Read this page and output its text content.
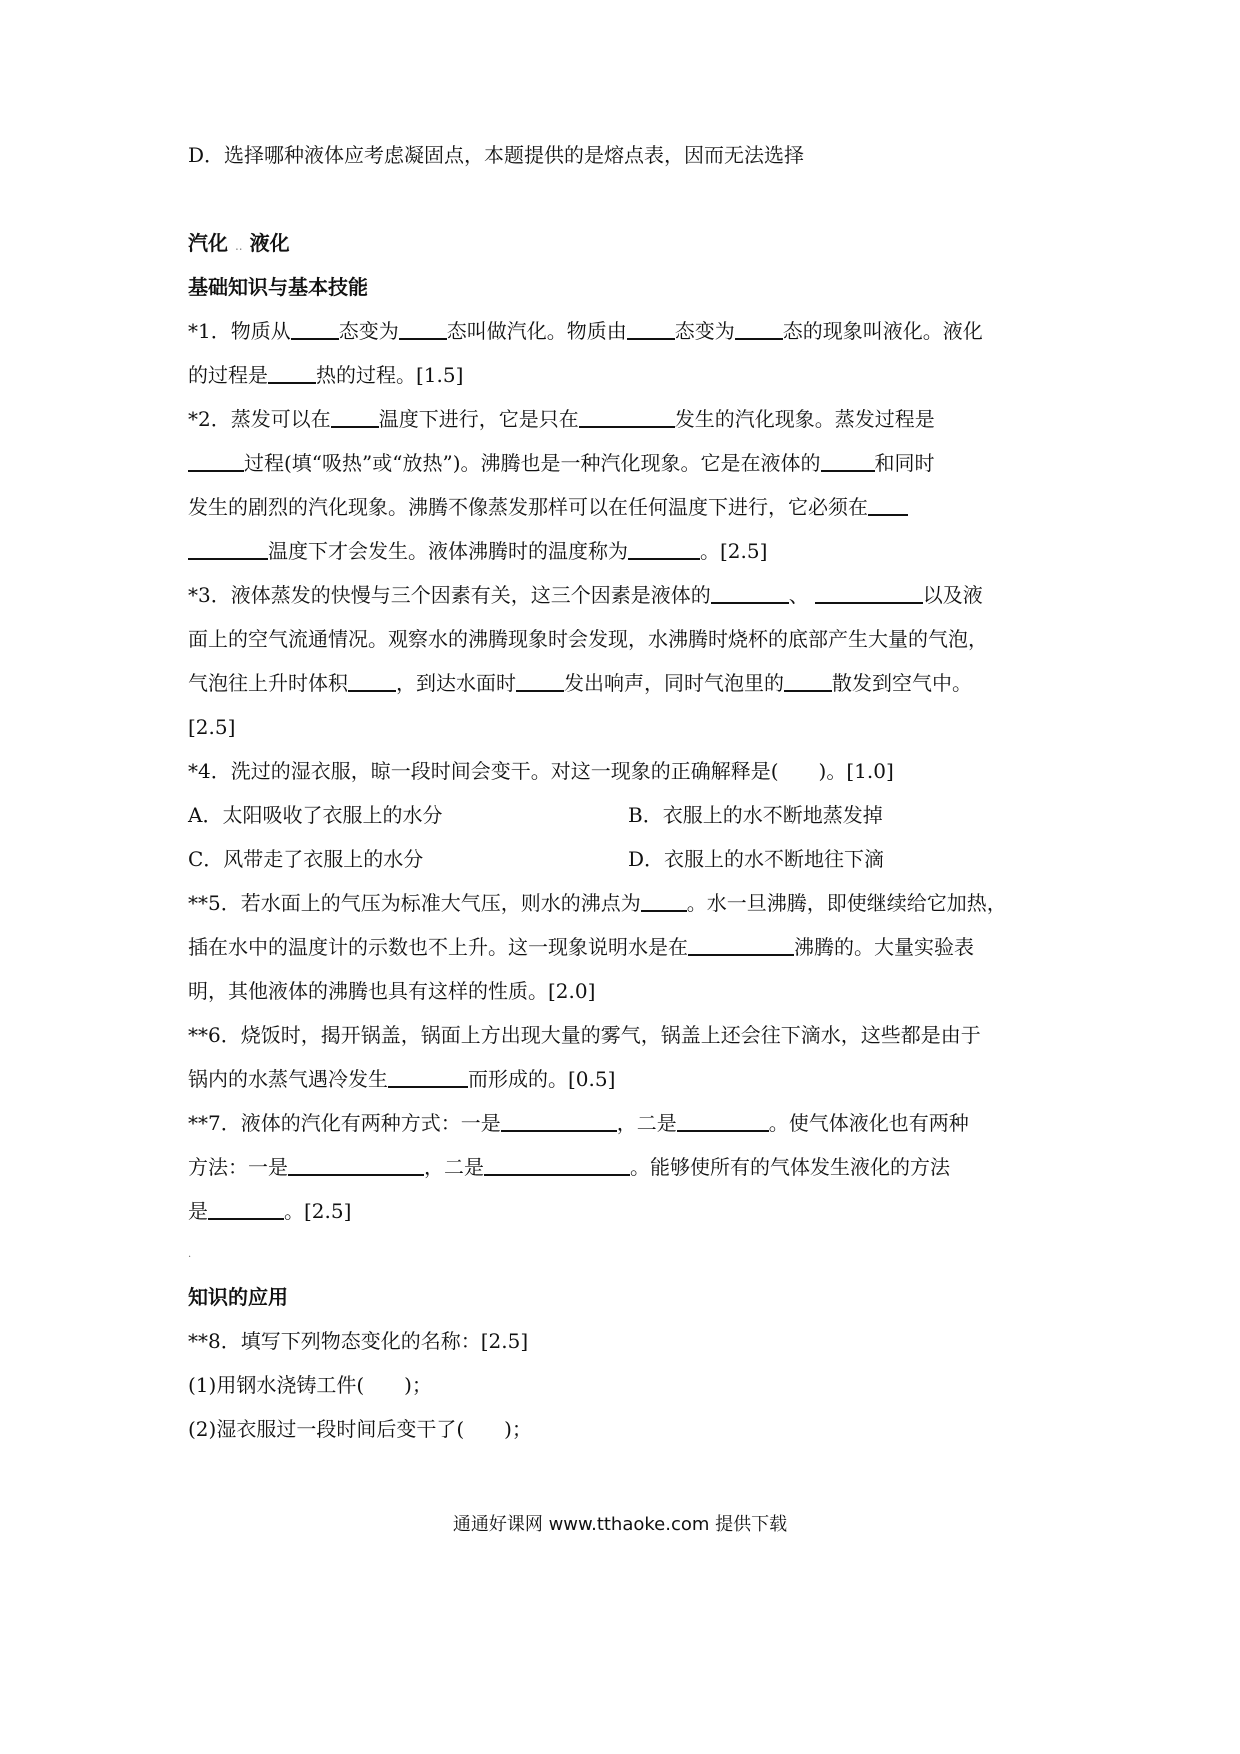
D．选择哪种液体应考虑凝固点，本题提供的是熔点表，因而无法选择
汽化 .. 液化
基础知识与基本技能
*1．物质从 态变为 态叫做汽化。物质由 态变为 态的现象叫液化。液化
的过程是 热的过程。[1.5]
*2．蒸发可以在 温度下进行，它是只在	发生的汽化现象。蒸发过程是
过程(填“吸热”或“放热”)。沸腾也是一种汽化现象。它是在液体的	和同时
发生的剧烈的汽化现象。沸腾不像蒸发那样可以在任何温度下进行，它必须在
温度下才会发生。液体沸腾时的温度称为	。[2.5]
*3．液体蒸发的快慢与三个因素有关，这三个因素是液体的	、	以及液
面上的空气流通情况。观察水的沸腾现象时会发现，水沸腾时烧杯的底部产生大量的气泡，
气泡往上升时体积 ，到达水面时 发出响声，同时气泡里的 散发到空气中。
[2.5]
*4．洗过的湿衣服，晾一段时间会变干。对这一现象的正确解释是(　　)。[1.0]
A．太阳吸收了衣服上的水分	B．衣服上的水不断地蒸发掉
C．风带走了衣服上的水分	D．衣服上的水不断地往下滴
**5．若水面上的气压为标准大气压，则水的沸点为 。水一旦沸腾，即使继续给它加热，
插在水中的温度计的示数也不上升。这一现象说明水是在	沸腾的。大量实验表
明，其他液体的沸腾也具有这样的性质。[2.0]
**6．烧饭时，揭开锅盖，锅面上方出现大量的雾气，锅盖上还会往下滴水，这些都是由于
锅内的水蒸气遇冷发生	而形成的。[0.5]
**7．液体的汽化有两种方式：一是	，二是	。使气体液化也有两种
方法：一是	，二是	。能够使所有的气体发生液化的方法
是	。[2.5]
.
知识的应用
**8．填写下列物态变化的名称：[2.5]
(1)用钢水浇铸工件(　　)；
(2)湿衣服过一段时间后变干了(　　)；
通通好课网 www.tthaoke.com 提供下载
